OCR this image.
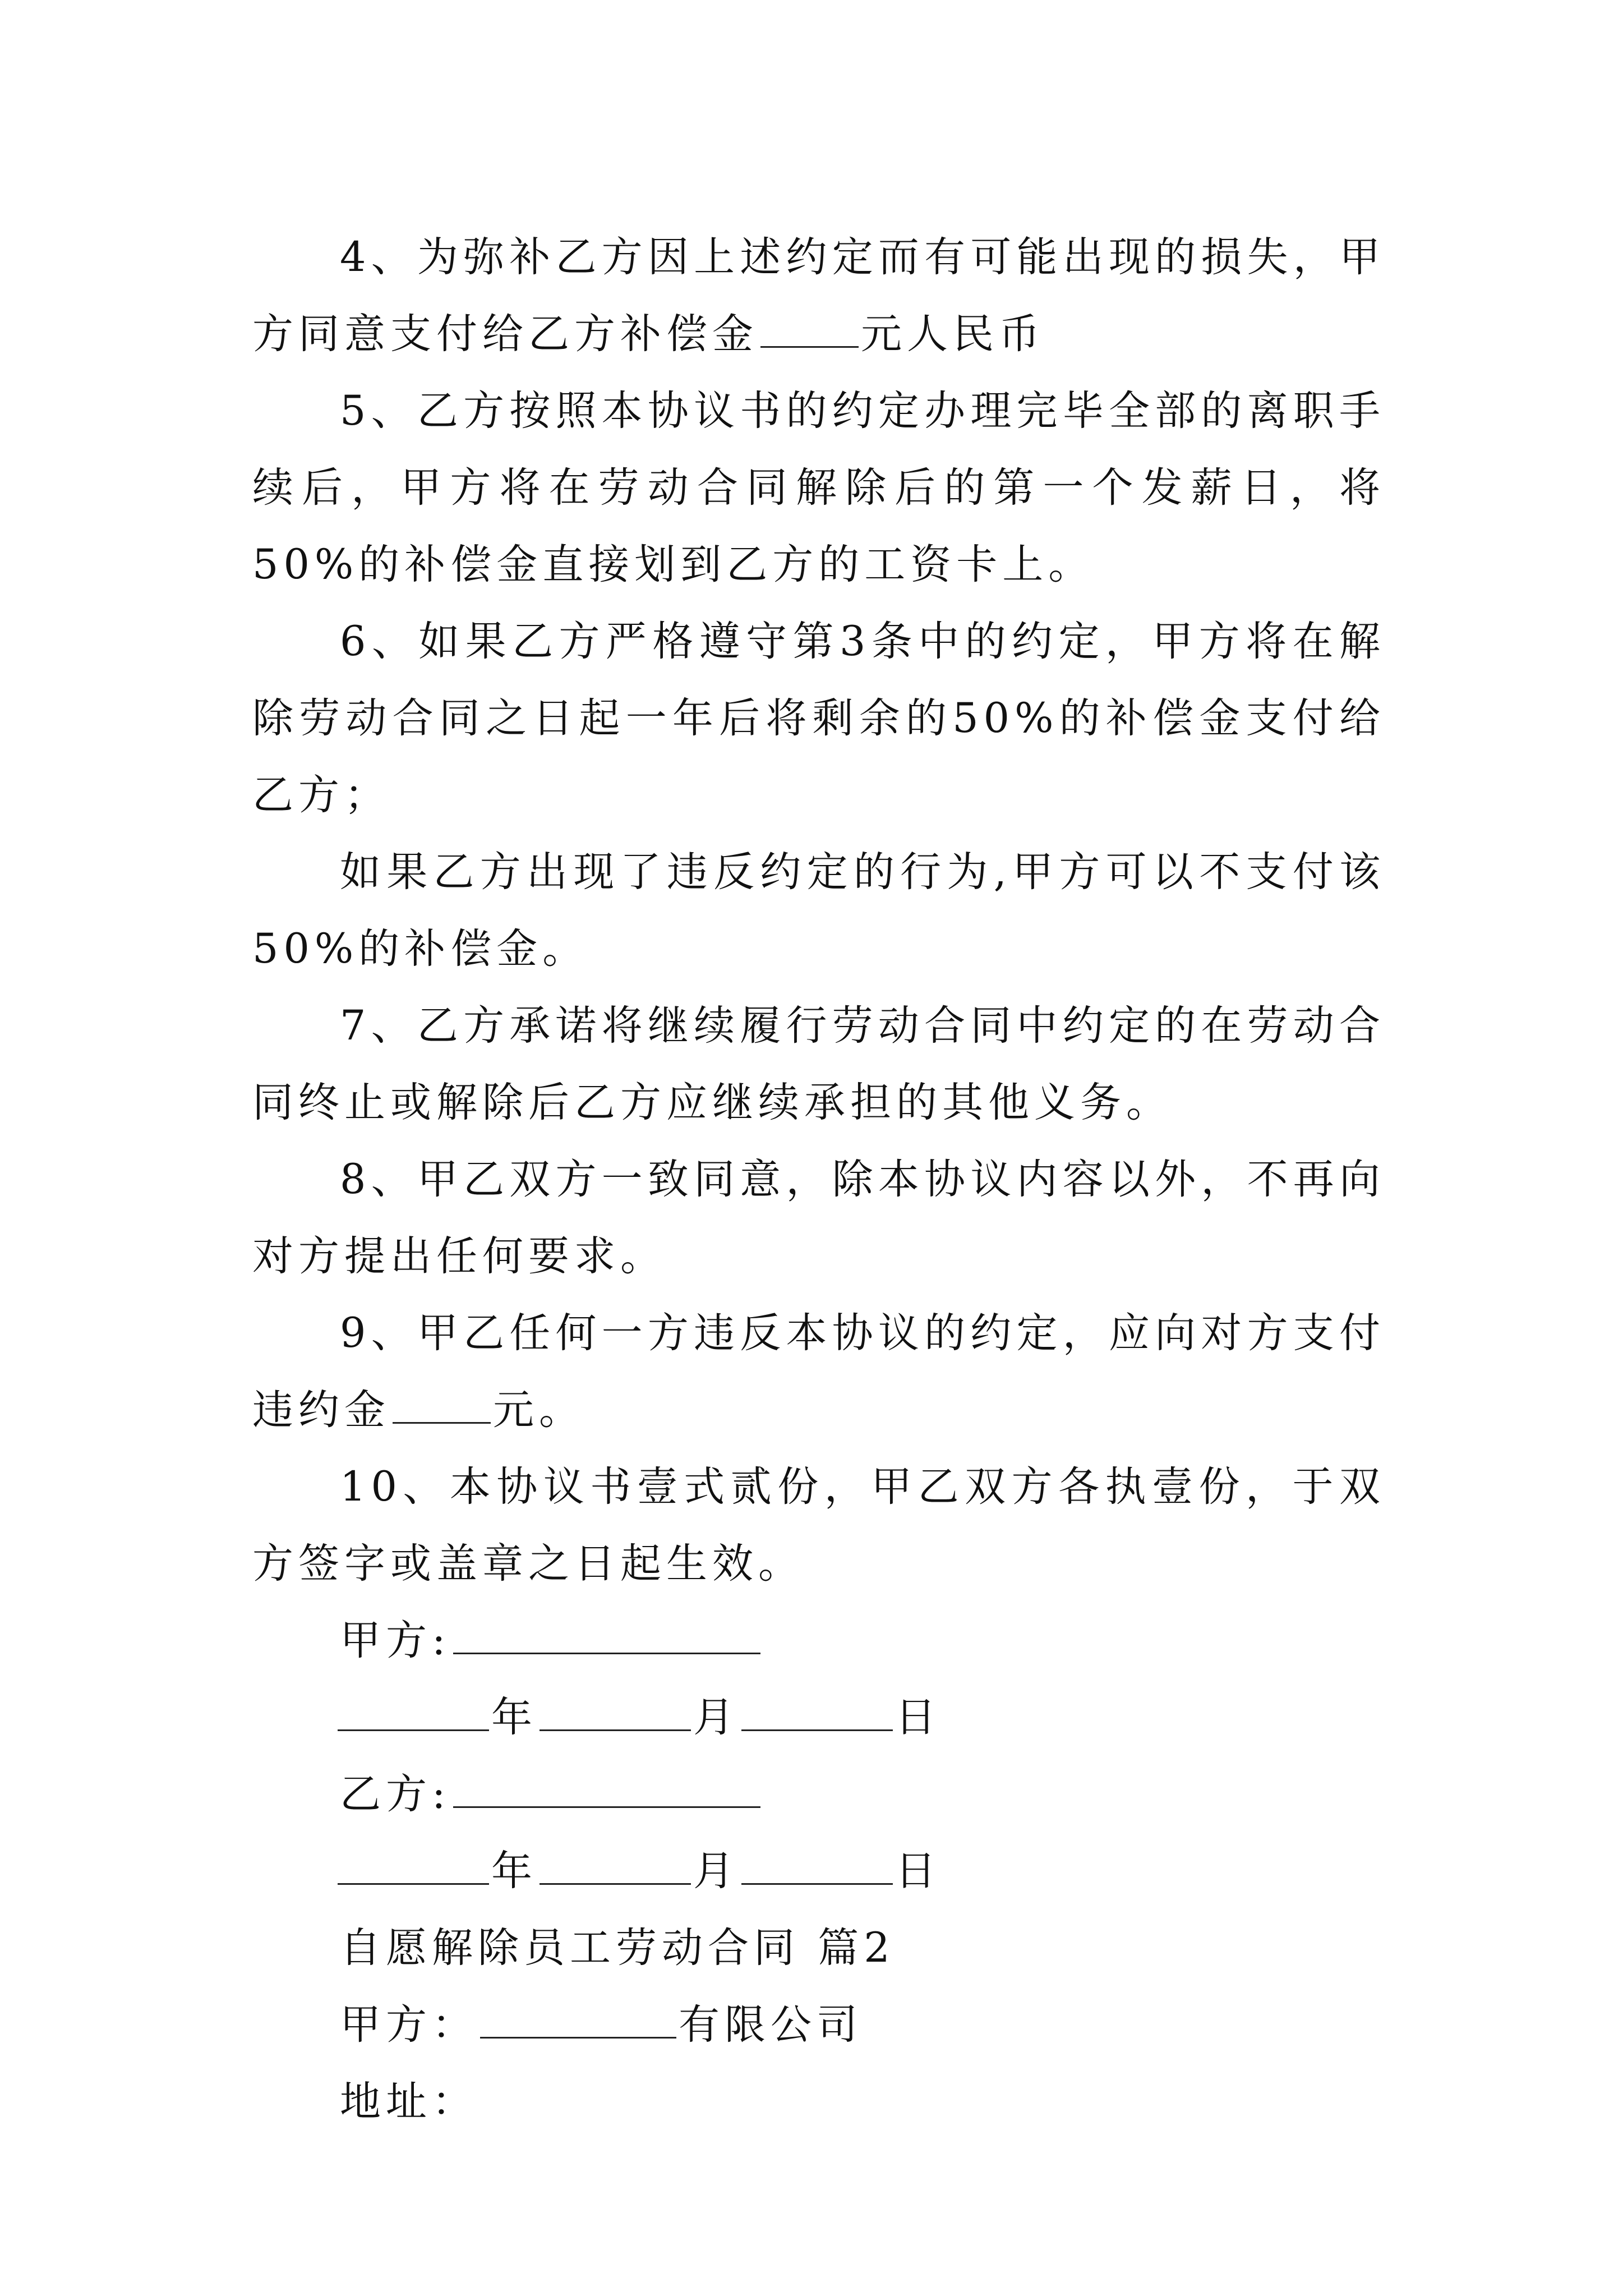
4、为弥补乙方因上述约定而有可能出现的损失，甲方同意支付给乙方补偿金	元人民币

5、乙方按照本协议书的约定办理完毕全部的离职手续后，甲方将在劳动合同解除后的第一个发薪日，将50%的补偿金直接划到乙方的工资卡上。

6、如果乙方严格遵守第3条中的约定，甲方将在解除劳动合同之日起一年后将剩余的50%的补偿金支付给乙方；

如果乙方出现了违反约定的行为,甲方可以不支付该50%的补偿金。

7、乙方承诺将继续履行劳动合同中约定的在劳动合同终止或解除后乙方应继续承担的其他义务。

8、甲乙双方一致同意，除本协议内容以外，不再向对方提出任何要求。

9、甲乙任何一方违反本协议的约定，应向对方支付违约金	元。

10、本协议书壹式贰份，甲乙双方各执壹份，于双方签字或盖章之日起生效。

甲方:
年	月	日
乙方:
年	月	日
自愿解除员工劳动合同 篇2
甲方：	有限公司
地址：
